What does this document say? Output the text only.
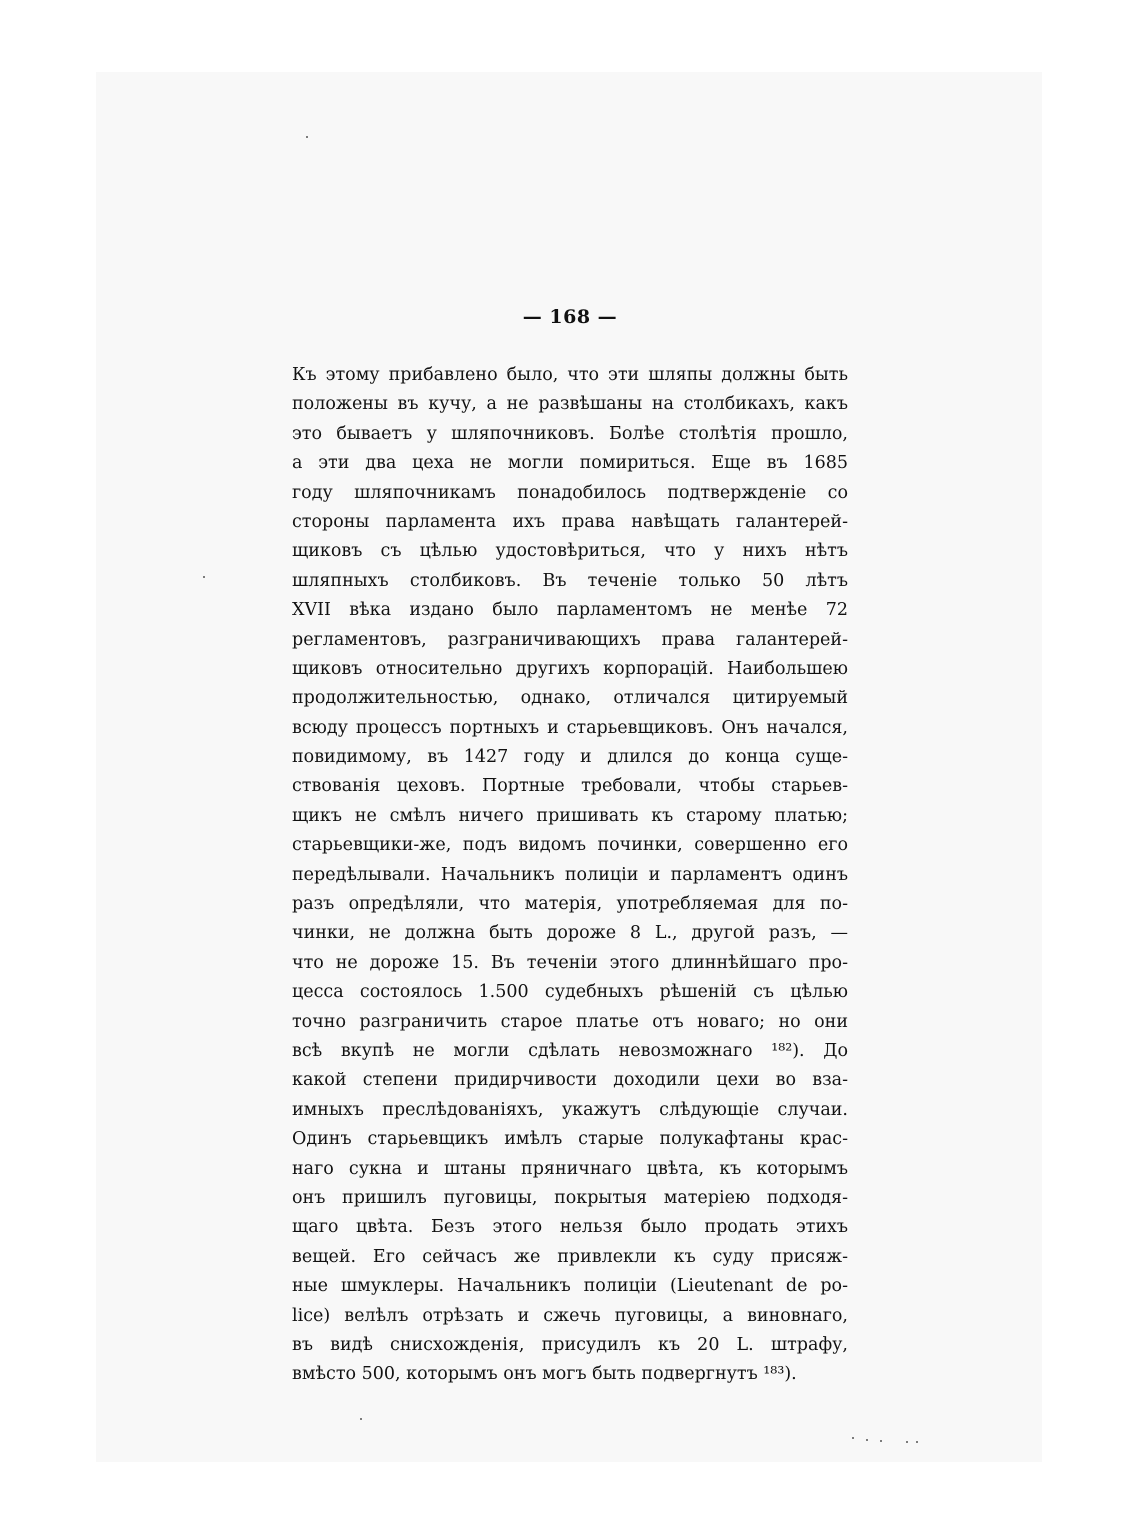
— 168 —
Къ этому прибавлено было, что эти шляпы должны быть
положены въ кучу, а не развѣшаны на столбикахъ, какъ
это бываетъ у шляпочниковъ. Болѣе столѣтія прошло,
а эти два цеха не могли помириться. Еще въ 1685
году шляпочникамъ понадобилось подтвержденіе со
стороны парламента ихъ права навѣщать галантерей-
щиковъ съ цѣлью удостовѣриться, что у нихъ нѣтъ
шляпныхъ столбиковъ. Въ теченіе только 50 лѣтъ
XVII вѣка издано было парламентомъ не менѣе 72
регламентовъ, разграничивающихъ права галантерей-
щиковъ относительно другихъ корпорацій. Наибольшею
продолжительностью, однако, отличался цитируемый
всюду процессъ портныхъ и старьевщиковъ. Онъ начался,
повидимому, въ 1427 году и длился до конца суще-
ствованія цеховъ. Портные требовали, чтобы старьев-
щикъ не смѣлъ ничего пришивать къ старому платью;
старьевщики-же, подъ видомъ починки, совершенно его
передѣлывали. Начальникъ полиціи и парламентъ одинъ
разъ опредѣляли, что матерія, употребляемая для по-
чинки, не должна быть дороже 8 L., другой разъ, —
что не дороже 15. Въ теченіи этого длиннѣйшаго про-
цесса состоялось 1.500 судебныхъ рѣшеній съ цѣлью
точно разграничить старое платье отъ новаго; но они
всѣ вкупѣ не могли сдѣлать невозможнаго ¹⁸²). До
какой степени придирчивости доходили цехи во вза-
имныхъ преслѣдованіяхъ, укажутъ слѣдующіе случаи.
Одинъ старьевщикъ имѣлъ старые полукафтаны крас-
наго сукна и штаны пряничнаго цвѣта, къ которымъ
онъ пришилъ пуговицы, покрытыя матеріею подходя-
щаго цвѣта. Безъ этого нельзя было продать этихъ
вещей. Его сейчасъ же привлекли къ суду присяж-
ные шмуклеры. Начальникъ полиціи (Lieutenant de po-
lice) велѣлъ отрѣзать и сжечь пуговицы, а виновнаго,
въ видѣ снисхожденія, присудилъ къ 20 L. штрафу,
вмѣсто 500, которымъ онъ могъ быть подвергнутъ ¹⁸³).
